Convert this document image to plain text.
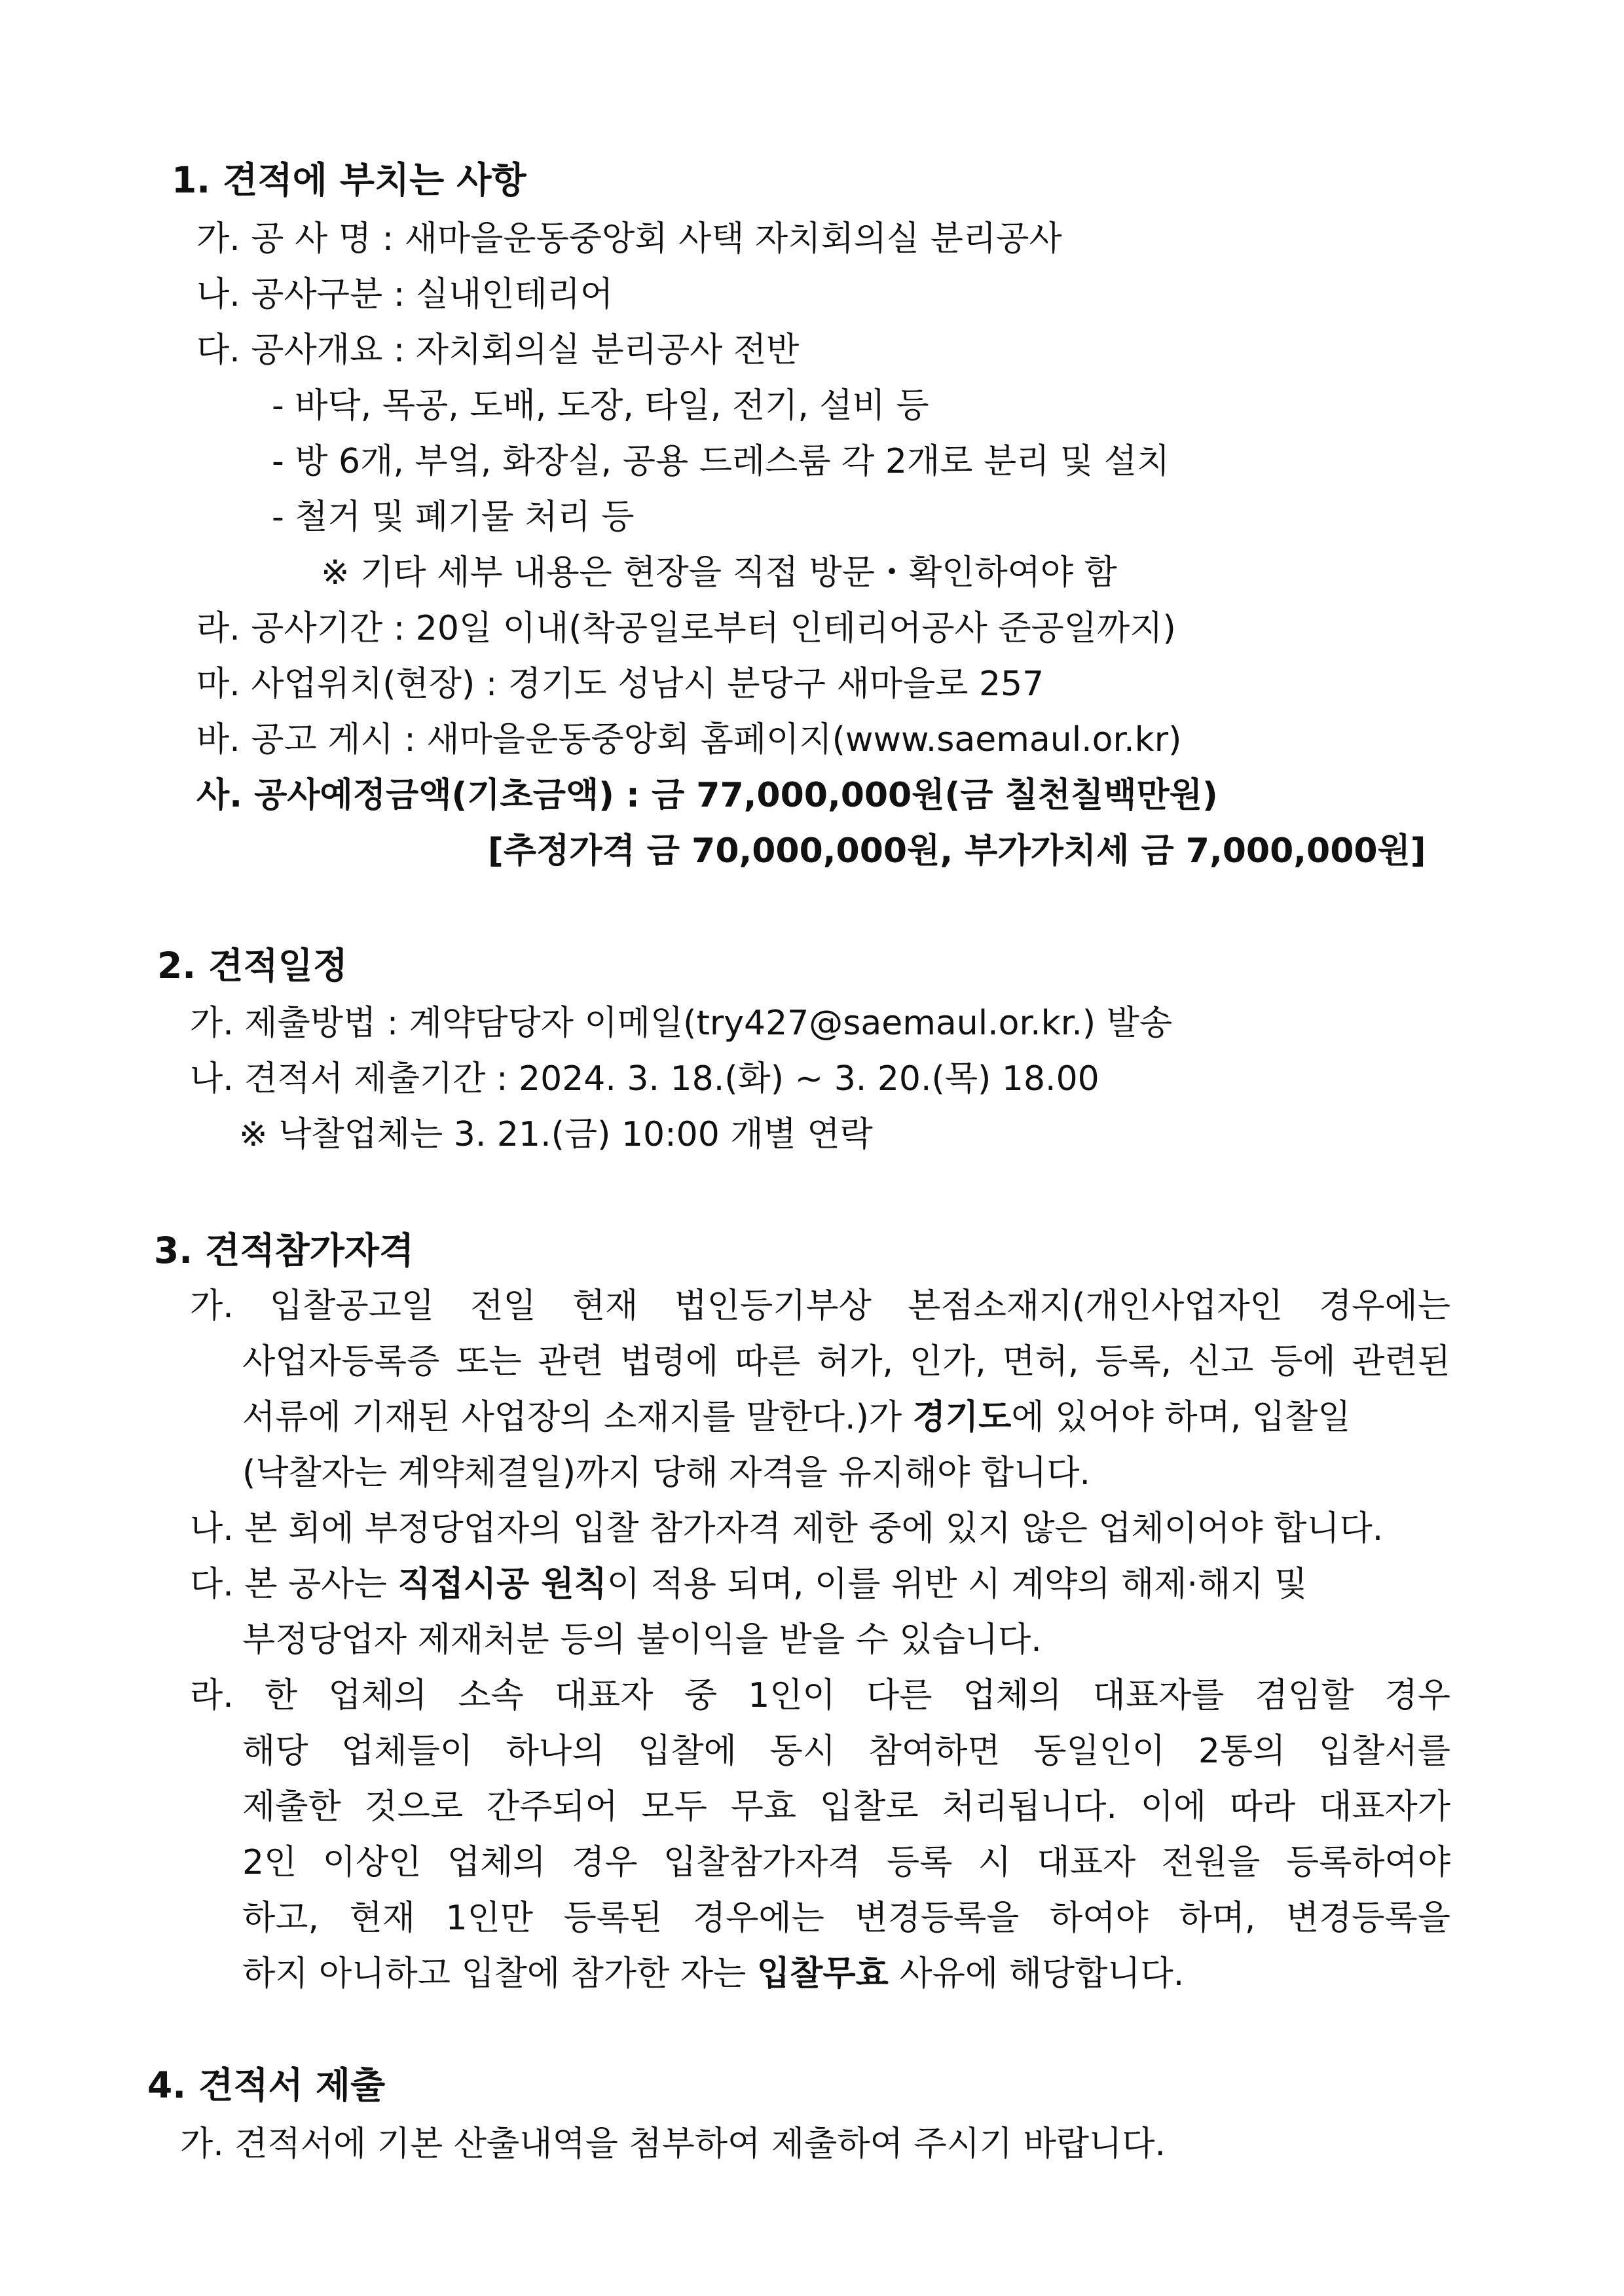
1. 견적에 부치는 사항
가. 공 사 명 : 새마을운동중앙회 사택 자치회의실 분리공사
나. 공사구분 : 실내인테리어
다. 공사개요 : 자치회의실 분리공사 전반
- 바닥, 목공, 도배, 도장, 타일, 전기, 설비 등
- 방 6개, 부엌, 화장실, 공용 드레스룸 각 2개로 분리 및 설치
- 철거 및 폐기물 처리 등
※ 기타 세부 내용은 현장을 직접 방문・확인하여야 함
라. 공사기간 : 20일 이내(착공일로부터 인테리어공사 준공일까지)
마. 사업위치(현장) : 경기도 성남시 분당구 새마을로 257
바. 공고 게시 : 새마을운동중앙회 홈페이지(www.saemaul.or.kr)
사. 공사예정금액(기초금액) : 금 77,000,000원(금 칠천칠백만원)
[추정가격 금 70,000,000원, 부가가치세 금 7,000,000원]
2. 견적일정
가. 제출방법 : 계약담당자 이메일(try427@saemaul.or.kr.) 발송
나. 견적서 제출기간 : 2024. 3. 18.(화) ~ 3. 20.(목) 18.00
※ 낙찰업체는 3. 21.(금) 10:00 개별 연락
3. 견적참가자격
가. 입찰공고일 전일 현재 법인등기부상 본점소재지(개인사업자인 경우에는
사업자등록증 또는 관련 법령에 따른 허가, 인가, 면허, 등록, 신고 등에 관련된
서류에 기재된 사업장의 소재지를 말한다.)가 경기도에 있어야 하며, 입찰일
(낙찰자는 계약체결일)까지 당해 자격을 유지해야 합니다.
나. 본 회에 부정당업자의 입찰 참가자격 제한 중에 있지 않은 업체이어야 합니다.
다. 본 공사는 직접시공 원칙이 적용 되며, 이를 위반 시 계약의 해제·해지 및
부정당업자 제재처분 등의 불이익을 받을 수 있습니다.
라. 한 업체의 소속 대표자 중 1인이 다른 업체의 대표자를 겸임할 경우
해당 업체들이 하나의 입찰에 동시 참여하면 동일인이 2통의 입찰서를
제출한 것으로 간주되어 모두 무효 입찰로 처리됩니다. 이에 따라 대표자가
2인 이상인 업체의 경우 입찰참가자격 등록 시 대표자 전원을 등록하여야
하고, 현재 1인만 등록된 경우에는 변경등록을 하여야 하며, 변경등록을
하지 아니하고 입찰에 참가한 자는 입찰무효 사유에 해당합니다.
4. 견적서 제출
가. 견적서에 기본 산출내역을 첨부하여 제출하여 주시기 바랍니다.
